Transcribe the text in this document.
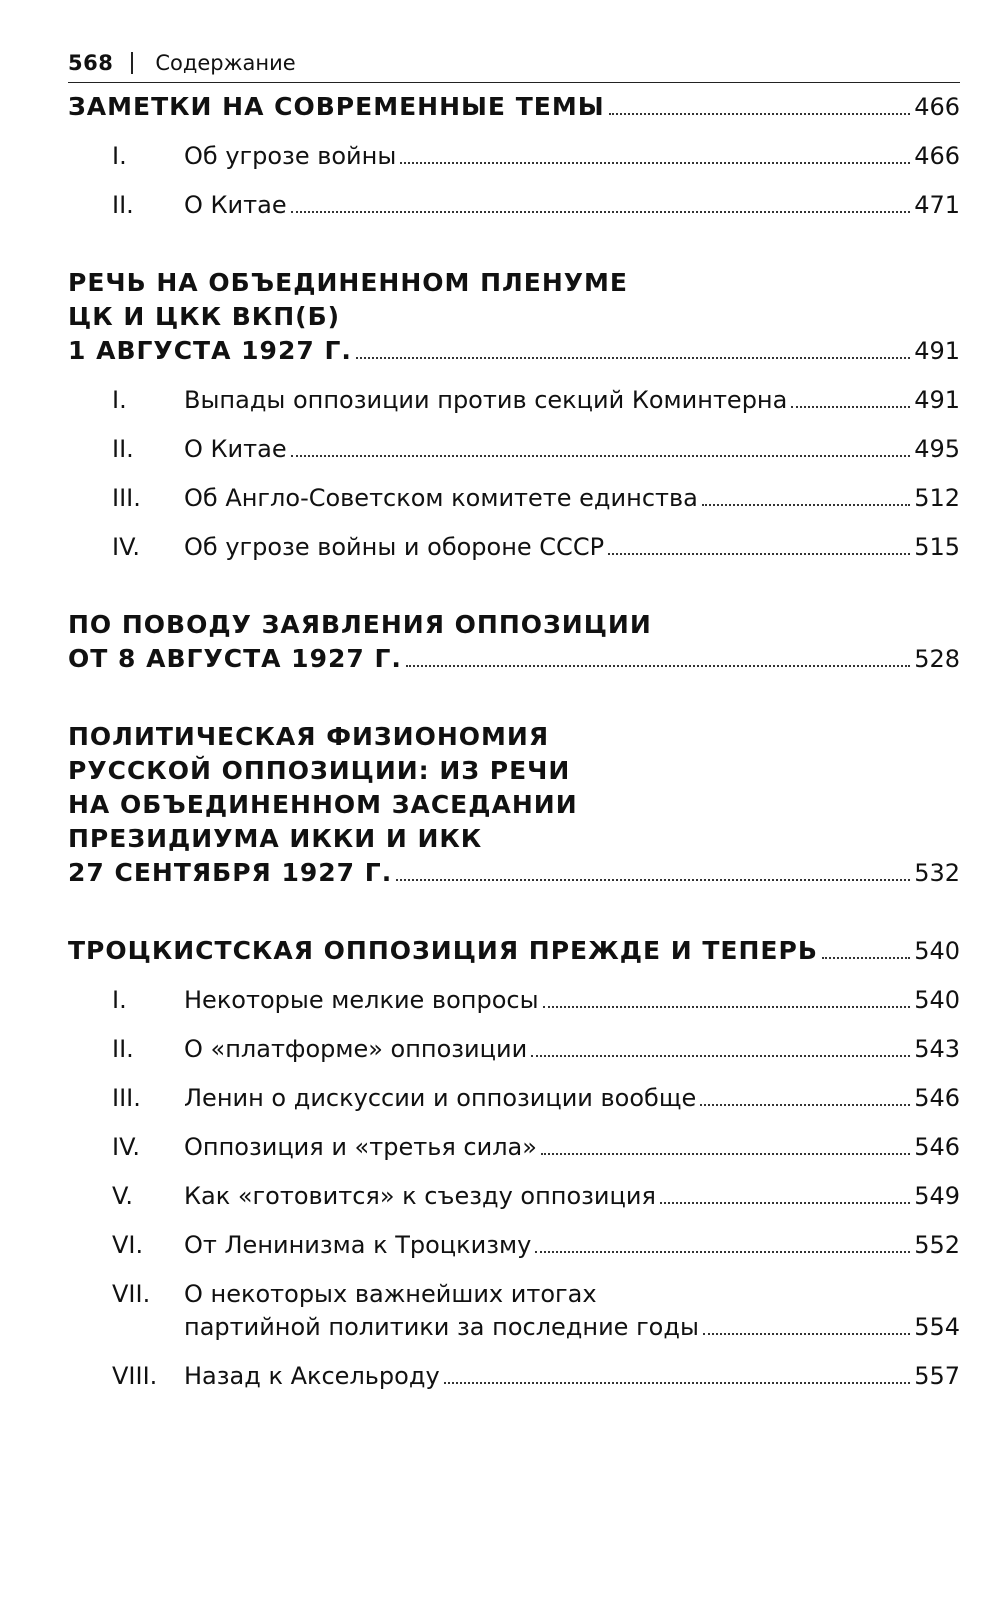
568 Содержание
ЗАМЕТКИ НА СОВРЕМЕННЫЕ ТЕМЫ	466
I.	Об угрозе войны	466
II.	О Китае	471
РЕЧЬ НА ОБЪЕДИНЕННОМ ПЛЕНУМЕ
ЦК И ЦКК ВКП(Б)
1 АВГУСТА 1927 Г.	491
I.	Выпады оппозиции против секций Коминтерна	491
II.	О Китае	495
III.	Об Англо-Советском комитете единства	512
IV.	Об угрозе войны и обороне СССР	515
ПО ПОВОДУ ЗАЯВЛЕНИЯ ОППОЗИЦИИ
ОТ 8 АВГУСТА 1927 Г.	528
ПОЛИТИЧЕСКАЯ ФИЗИОНОМИЯ
РУССКОЙ ОППОЗИЦИИ: ИЗ РЕЧИ
НА ОБЪЕДИНЕННОМ ЗАСЕДАНИИ
ПРЕЗИДИУМА ИККИ И ИКК
27 СЕНТЯБРЯ 1927 Г.	532
ТРОЦКИСТСКАЯ ОППОЗИЦИЯ ПРЕЖДЕ И ТЕПЕРЬ	540
I.	Некоторые мелкие вопросы	540
II.	О «платформе» оппозиции	543
III.	Ленин о дискуссии и оппозиции вообще	546
IV.	Оппозиция и «третья сила»	546
V.	Как «готовится» к съезду оппозиция	549
VI.	От Ленинизма к Троцкизму	552
VII.	О некоторых важнейших итогах
партийной политики за последние годы	554
VIII.	Назад к Аксельроду	557
